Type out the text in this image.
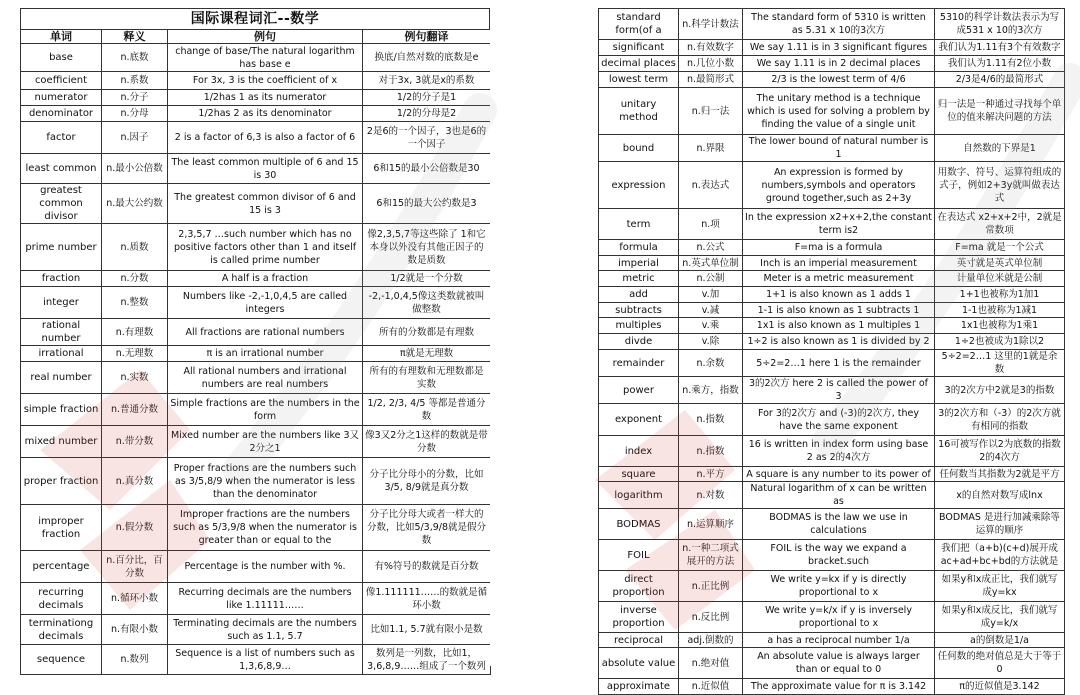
国际课程词汇--数学
单词	释义	例句	例句翻译
base	n.底数	change of base/The natural logarithm has base e	换底/自然对数的底数是e
coefficient	n.系数	For 3x, 3 is the coefficient of x	对于3x, 3就是x的系数
numerator	n.分子	1/2has 1 as its numerator	1/2的分子是1
denominator	n.分母	1/2has 2 as its denominator	1/2的分母是2
factor	n.因子	2 is a factor of 6,3 is also a factor of 6	2是6的一个因子，3也是6的一个因子
least common	n.最小公倍数	The least common multiple of 6 and 15 is 30	6和15的最小公倍数是30
greatest common divisor	n.最大公约数	The greatest common divisor of 6 and 15 is 3	6和15的最大公约数是3
prime number	n.质数	2,3,5,7 …such number which has no positive factors other than 1 and itself is called prime number	像2,3,5,7等这些除了 1和它本身以外没有其他正因子的数是质数
fraction	n.分数	A half is a fraction	1/2就是一个分数
integer	n.整数	Numbers like -2,-1,0,4,5 are called integers	-2,-1,0,4,5像这类数就被叫做整数
rational number	n.有理数	All fractions are rational numbers	所有的分数都是有理数
irrational	n.无理数	π is an irrational number	π就是无理数
real number	n.实数	All rational numbers and irrational numbers are real numbers	所有的有理数和无理数都是实数
simple fraction	n.普通分数	Simple fractions are the numbers in the form	1/2, 2/3, 4/5 等都是普通分数
mixed number	n.带分数	Mixed number are the numbers like 3又2分之1	像3又2分之1这样的数就是带分数
proper fraction	n.真分数	Proper fractions are the numbers such as 3/5,8/9 when the numerator is less than the denominator	分子比分母小的分数，比如3/5, 8/9就是真分数
improper fraction	n.假分数	Improper fractions are the numbers such as 5/3,9/8 when the numerator is greater than or equal to the	分子比分母大或者一样大的分数，比如5/3,9/8就是假分数
percentage	n.百分比，百分数	Percentage is the number with %.	有%符号的数就是百分数
recurring decimals	n.循环小数	Recurring decimals are the numbers like 1.11111……	像1.111111……的数就是循环小数
terminationg decimals	n.有限小数	Terminating decimals are the numbers such as 1.1, 5.7	比如1.1, 5.7就有限小是数
sequence	n.数列	Sequence is a list of numbers such as 1,3,6,8,9…	数列是一列数，比如1，3,6,8,9……组成了一个数列
standard form(of a	n.科学计数法	The standard form of 5310 is written as 5.31 x 10的3次方	5310的科学计数法表示为写成531 x 10的3次方
significant	n.有效数字	We say 1.11 is in 3 significant figures	我们认为1.11有3个有效数字
decimal places	n.几位小数	We say 1.11 is in 2 decimal places	我们认为1.11有2位小数
lowest term	n.最简形式	2/3 is the lowest term of 4/6	2/3是4/6的最简形式
unitary method	n.归一法	The unitary method is a technique which is used for solving a problem by finding the value of a single unit	归一法是一种通过寻找每个单位的值来解决问题的方法
bound	n.界限	The lower bound of natural number is 1	自然数的下界是1
expression	n.表达式	An expression is formed by numbers,symbols and operators ground together,such as 2+3y	用数字、符号、运算符组成的式子，例如2+3y就叫做表达式
term	n.项	In the expression x2+x+2,the constant term is2	在表达式 x2+x+2中，2就是常数项
formula	n.公式	F=ma is a formula	F=ma 就是一个公式
imperial	n.英式单位制	Inch is an imperial measurement	英寸就是英式单位制
metric	n.公制	Meter is a metric measurement	计量单位米就是公制
add	v.加	1+1 is also known as 1 adds 1	1+1也被称为1加1
subtracts	v.减	1-1 is also known as 1 subtracts 1	1-1也被称为1减1
multiples	v.乘	1x1 is also known as 1 multiples 1	1x1也被称为1乘1
divde	v.除	1÷2 is also known as 1 is divided by 2	1÷2也被成为1除以2
remainder	n.余数	5÷2=2…1 here 1 is the remainder	5÷2=2…1 这里的1就是余数
power	n.乘方，指数	3的2次方 here 2 is called the power of 3	3的2次方中2就是3的指数
exponent	n.指数	For 3的2次方 and (-3)的2次方, they have the same exponent	3的2次方和（-3）的2次方就有相同的指数
index	n.指数	16 is written in index form using base 2 as 2的4次方	16可被写作以2为底数的指数2的4次方
square	n.平方	A square is any number to its power of	任何数当其指数为2就是平方
logarithm	n.对数	Natural logarithm of x can be written as	x的自然对数写成lnx
BODMAS	n.运算顺序	BODMAS is the law we use in calculations	BODMAS 是进行加减乘除等运算的顺序
FOIL	n.一种二项式展开的方法	FOIL is the way we expand a bracket.such	我们把（a+b)(c+d)展开成ac+ad+bc+bd的方法就是
direct proportion	n.正比例	We write y=kx if y is directly proportional to x	如果y和x成正比，我们就写成y=kx
inverse proportion	n.反比例	We write y=k/x if y is inversely proportional to x	如果y和x成反比，我们就写成y=k/x
reciprocal	adj.倒数的	a has a reciprocal number 1/a	a的倒数是1/a
absolute value	n.绝对值	An absolute value is always larger than or equal to 0	任何数的绝对值总是大于等于0
approximate	n.近似值	The approximate value for π is 3.142	π的近似值是3.142
